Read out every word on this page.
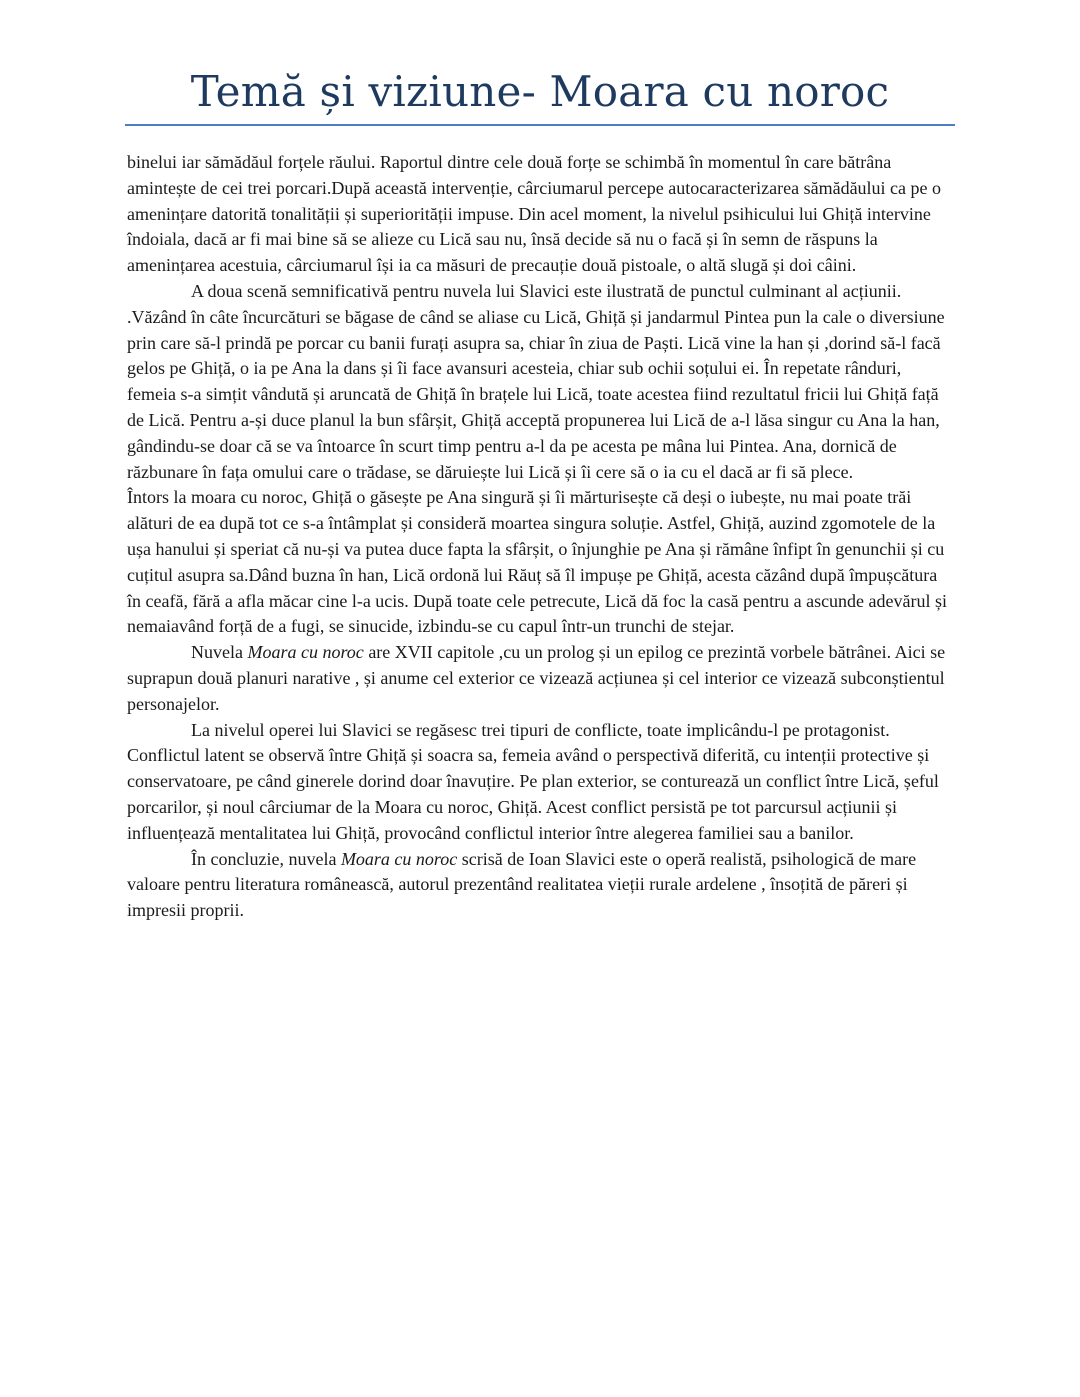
Temă și viziune- Moara cu noroc

binelui iar sămădăul forțele răului. Raportul dintre cele două forțe se schimbă în momentul în care bătrâna amintește de cei trei porcari.După această intervenție, cârciumarul percepe autocaracterizarea sămădăului ca pe o amenințare datorită tonalității și superiorității impuse. Din acel moment, la nivelul psihicului lui Ghiță intervine îndoiala, dacă ar fi mai bine să se alieze cu Lică sau nu, însă decide să nu o facă și în semn de răspuns la amenințarea acestuia, cârciumarul își ia ca măsuri de precauție două pistoale, o altă slugă și doi câini.

A doua scenă semnificativă pentru nuvela lui Slavici este ilustrată de punctul culminant al acțiunii. .Văzând în câte încurcături se băgase de când se aliase cu Lică, Ghiță și jandarmul Pintea pun la cale o diversiune prin care să-l prindă pe porcar cu banii furați asupra sa, chiar în ziua de Paști. Lică vine la han și ,dorind să-l facă gelos pe Ghiță, o ia pe Ana la dans și îi face avansuri acesteia, chiar sub ochii soțului ei. În repetate rânduri, femeia s-a simțit vândută și aruncată de Ghiță în brațele lui Lică, toate acestea fiind rezultatul fricii lui Ghiță față de Lică. Pentru a-și duce planul la bun sfârșit, Ghiță acceptă propunerea lui Lică de a-l lăsa singur cu Ana la han, gândindu-se doar că se va întoarce în scurt timp pentru a-l da pe acesta pe mâna lui Pintea. Ana, dornică de răzbunare în fața omului care o trădase, se dăruiește lui Lică și îi cere să o ia cu el dacă ar fi să plece.

Întors la moara cu noroc, Ghiță o găsește pe Ana singură și îi mărturisește că deși o iubește, nu mai poate trăi alături de ea după tot ce s-a întâmplat și consideră moartea singura soluție. Astfel, Ghiță, auzind zgomotele de la ușa hanului și speriat că nu-și va putea duce fapta la sfârșit, o înjunghie pe Ana și rămâne înfipt în genunchii și cu cuțitul asupra sa.Dând buzna în han, Lică ordonă lui Răuț să îl impușe pe Ghiță, acesta căzând după împușcătura în ceafă, fără a afla măcar cine l-a ucis. După toate cele petrecute, Lică dă foc la casă pentru a ascunde adevărul și nemaiavând forță de a fugi, se sinucide, izbindu-se cu capul într-un trunchi de stejar.

Nuvela Moara cu noroc are XVII capitole ,cu un prolog și un epilog ce prezintă vorbele bătrânei. Aici se suprapun două planuri narative , și anume cel exterior ce vizează acțiunea și cel interior ce vizează subconștientul personajelor.

La nivelul operei lui Slavici se regăsesc trei tipuri de conflicte, toate implicându-l pe protagonist. Conflictul latent se observă între Ghiță și soacra sa, femeia având o perspectivă diferită, cu intenții protective și conservatoare, pe când ginerele dorind doar înavuțire. Pe plan exterior, se conturează un conflict între Lică, șeful porcarilor, și noul cârciumar de la Moara cu noroc, Ghiță. Acest conflict persistă pe tot parcursul acțiunii și influențează mentalitatea lui Ghiță, provocând conflictul interior între alegerea familiei sau a banilor.

În concluzie, nuvela Moara cu noroc scrisă de Ioan Slavici este o operă realistă, psihologică de mare valoare pentru literatura românească, autorul prezentând realitatea vieții rurale ardelene , însoțită de păreri și impresii proprii.
